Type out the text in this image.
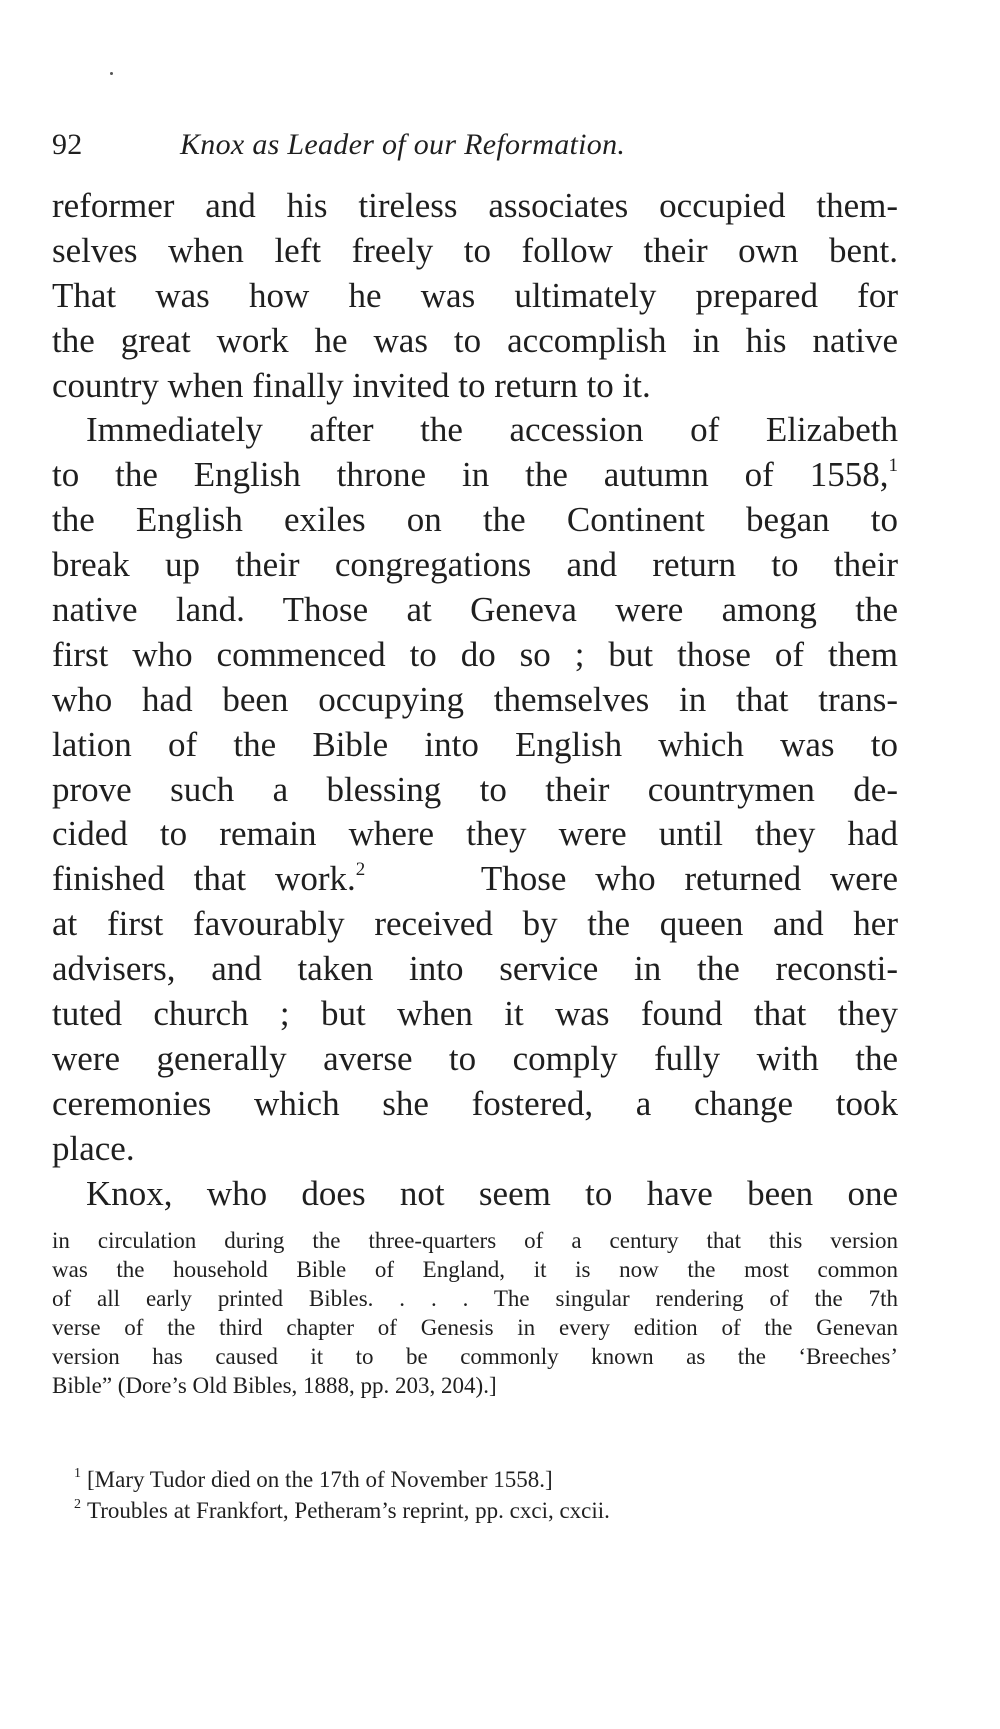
92	Knox as Leader of our Reformation.
reformer and his tireless associates occupied them-
selves when left freely to follow their own bent.
That was how he was ultimately prepared for
the great work he was to accomplish in his native
country when finally invited to return to it.
Immediately after the accession of Elizabeth
to the English throne in the autumn of 1558,$^1$
the English exiles on the Continent began to
break up their congregations and return to their
native land. Those at Geneva were among the
first who commenced to do so ; but those of them
who had been occupying themselves in that trans-
lation of the Bible into English which was to
prove such a blessing to their countrymen de-
cided to remain where they were until they had
finished that work.$^2$	Those who returned were
at first favourably received by the queen and her
advisers, and taken into service in the reconsti-
tuted church ; but when it was found that they
were generally averse to comply fully with the
ceremonies which she fostered, a change took
place.
Knox, who does not seem to have been one
in circulation during the three-quarters of a century that this version
was the household Bible of England, it is now the most common
of all early printed Bibles. . . . The singular rendering of the 7th
verse of the third chapter of Genesis in every edition of the Genevan
version has caused it to be commonly known as the ‘Breeches’
Bible” (Dore’s Old Bibles, 1888, pp. 203, 204).]
$^1$ [Mary Tudor died on the 17th of November 1558.]
$^2$ Troubles at Frankfort, Petheram’s reprint, pp. cxci, cxcii.
